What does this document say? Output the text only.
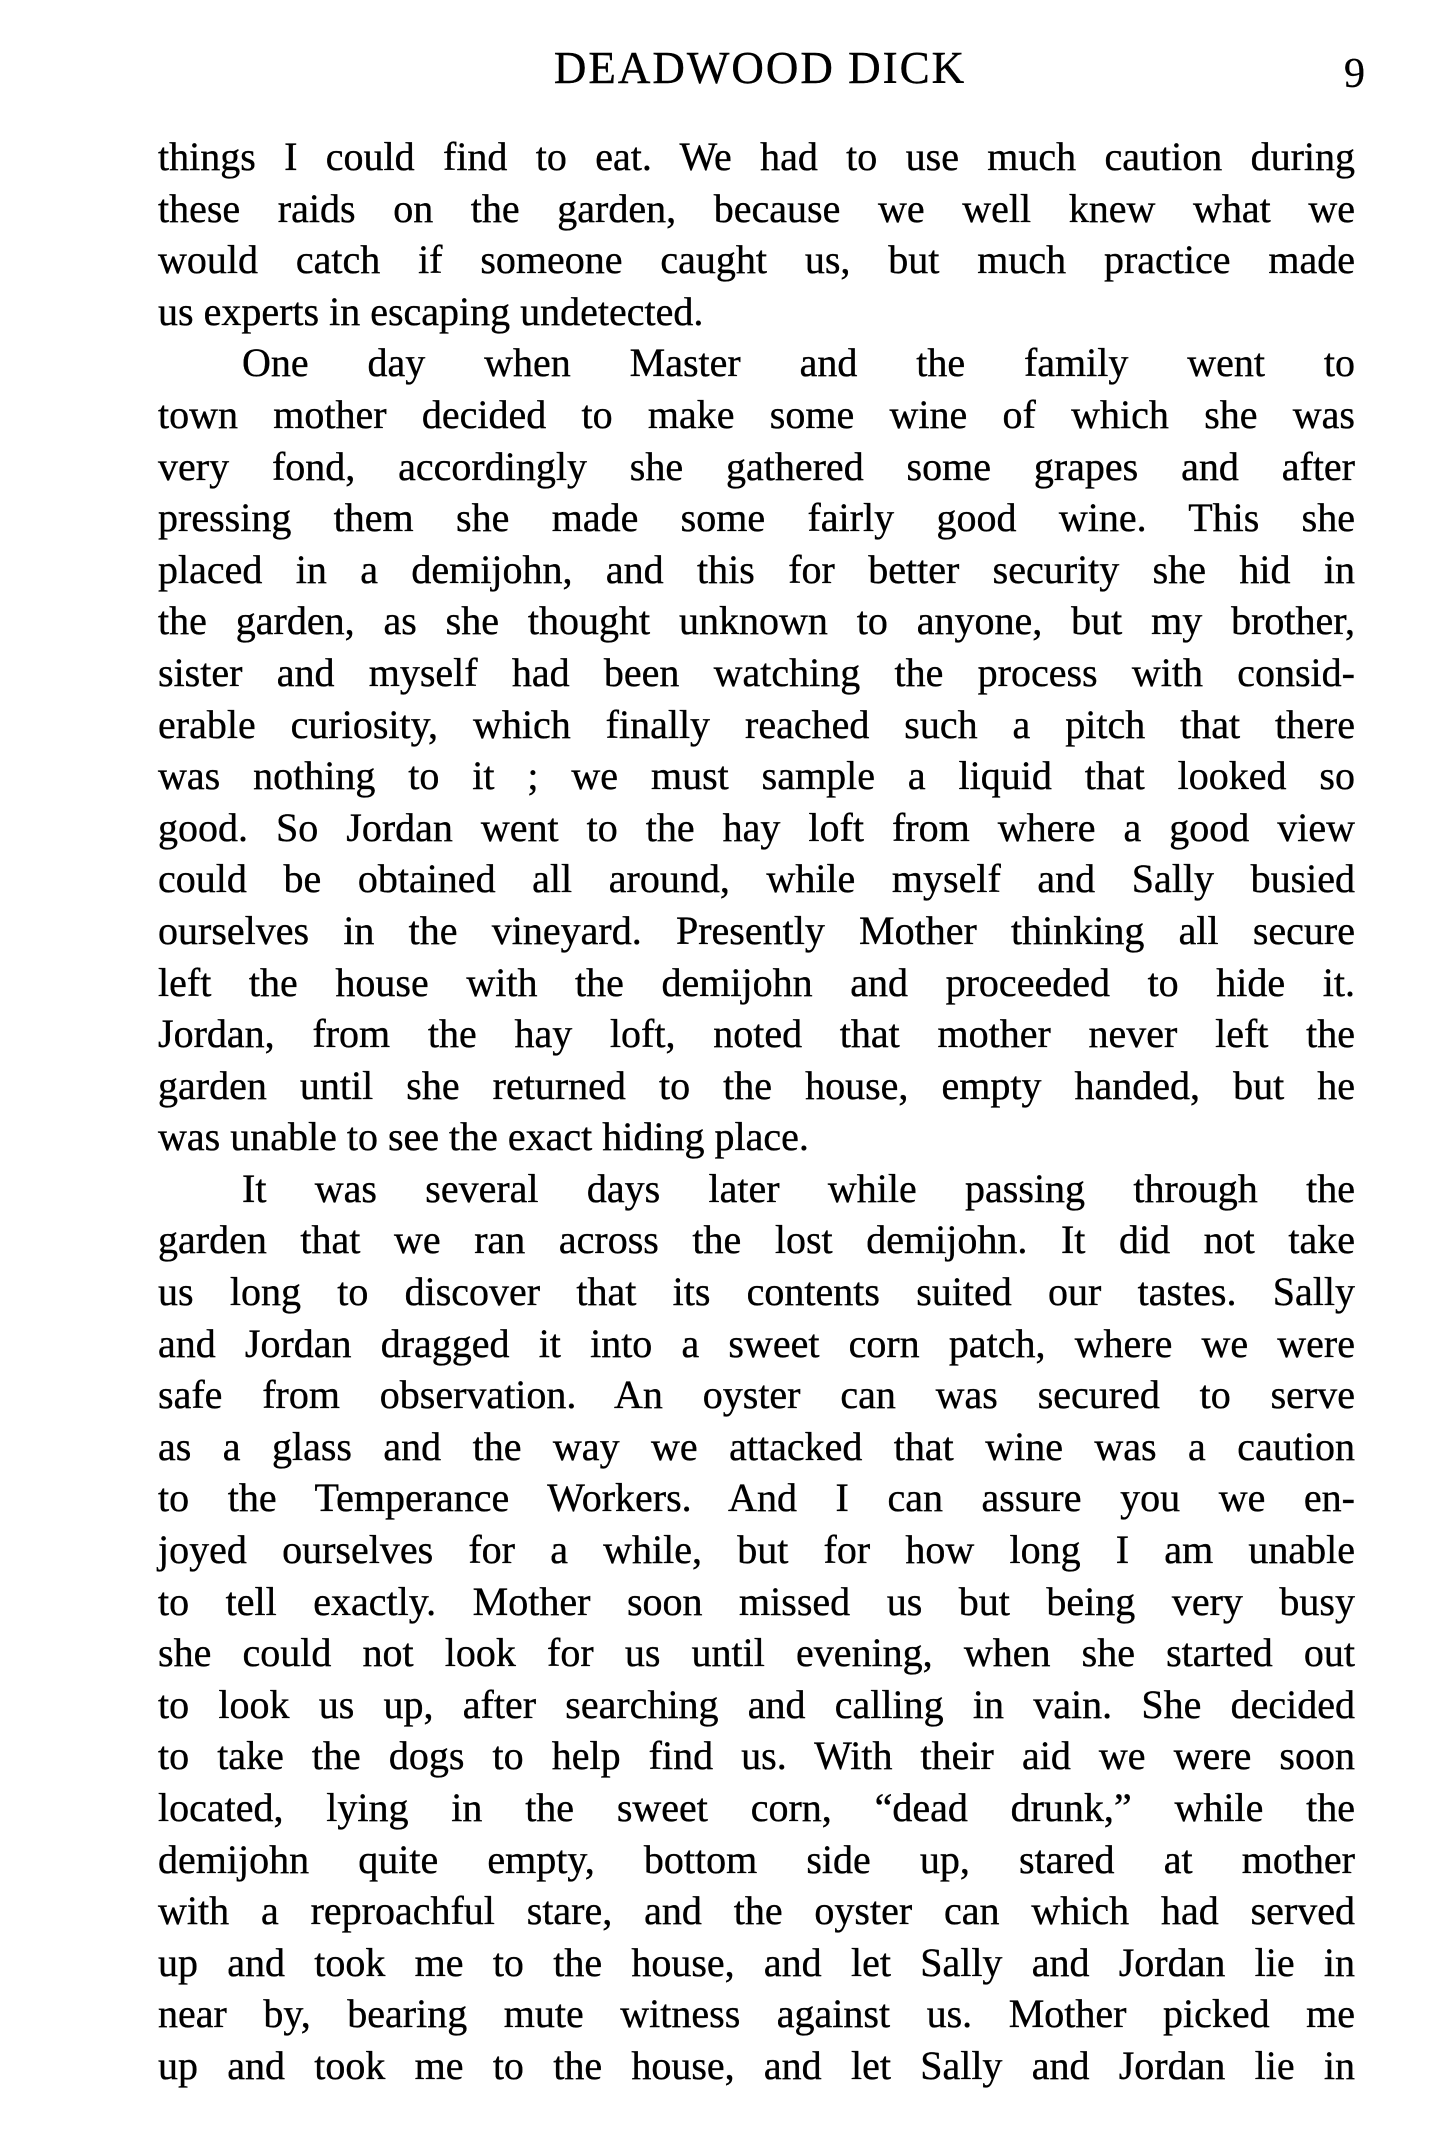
DEADWOOD DICK	9
things I could find to eat. We had to use much caution during
these raids on the garden, because we well knew what we
would catch if someone caught us, but much practice made
us experts in escaping undetected.
One day when Master and the family went to
town mother decided to make some wine of which she was
very fond, accordingly she gathered some grapes and after
pressing them she made some fairly good wine. This she
placed in a demijohn, and this for better security she hid in
the garden, as she thought unknown to anyone, but my brother,
sister and myself had been watching the process with consid-
erable curiosity, which finally reached such a pitch that there
was nothing to it ; we must sample a liquid that looked so
good. So Jordan went to the hay loft from where a good view
could be obtained all around, while myself and Sally busied
ourselves in the vineyard. Presently Mother thinking all secure
left the house with the demijohn and proceeded to hide it.
Jordan, from the hay loft, noted that mother never left the
garden until she returned to the house, empty handed, but he
was unable to see the exact hiding place.
It was several days later while passing through the
garden that we ran across the lost demijohn. It did not take
us long to discover that its contents suited our tastes. Sally
and Jordan dragged it into a sweet corn patch, where we were
safe from observation. An oyster can was secured to serve
as a glass and the way we attacked that wine was a caution
to the Temperance Workers. And I can assure you we en-
joyed ourselves for a while, but for how long I am unable
to tell exactly. Mother soon missed us but being very busy
she could not look for us until evening, when she started out
to look us up, after searching and calling in vain. She decided
to take the dogs to help find us. With their aid we were soon
located, lying in the sweet corn, “dead drunk,” while the
demijohn quite empty, bottom side up, stared at mother
with a reproachful stare, and the oyster can which had served
up and took me to the house, and let Sally and Jordan lie in
near by, bearing mute witness against us. Mother picked me
up and took me to the house, and let Sally and Jordan lie in
